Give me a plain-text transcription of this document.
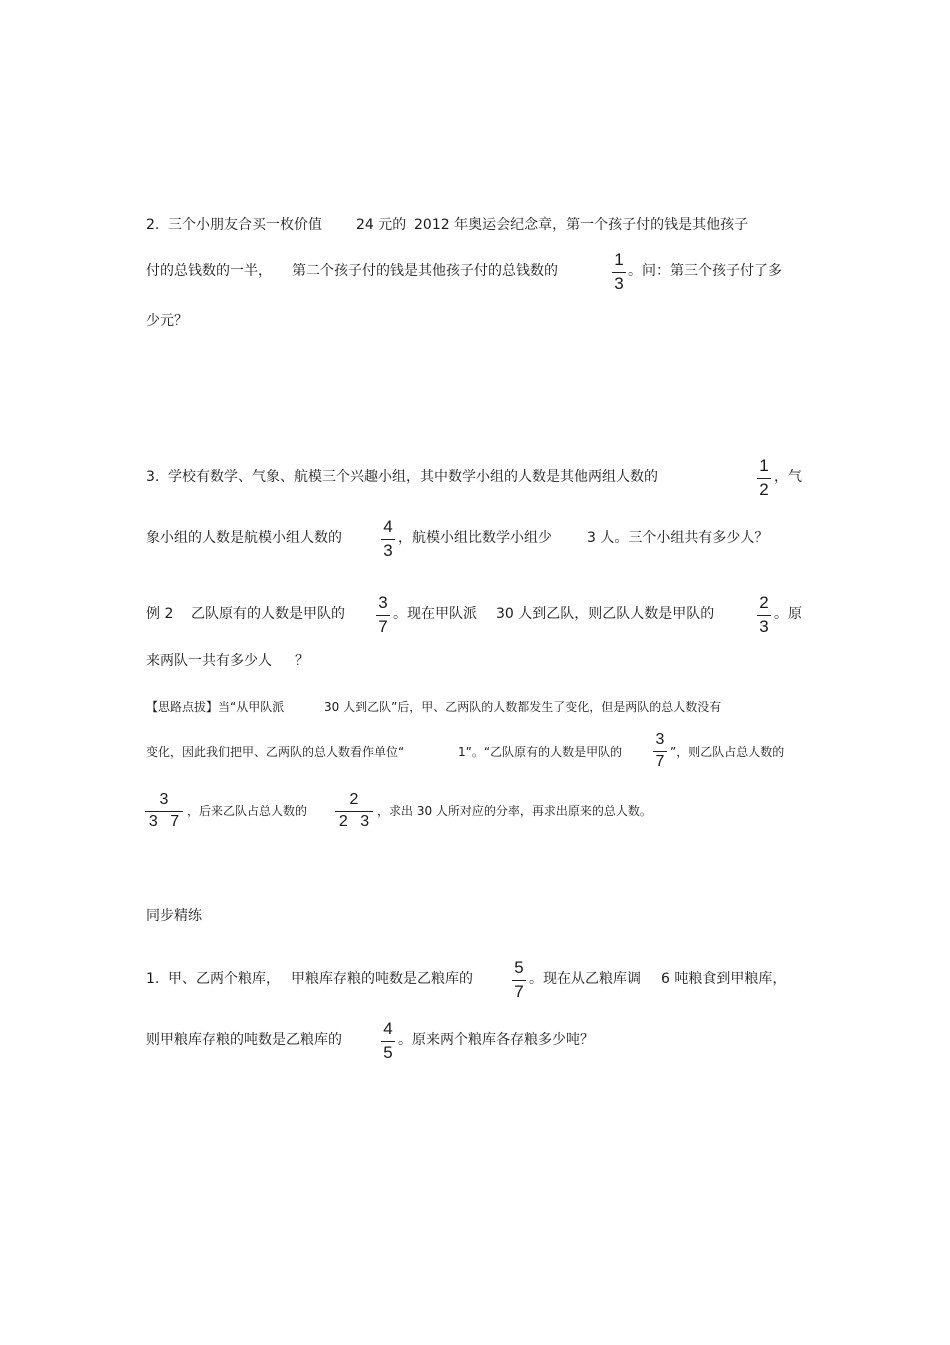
2. 三个小朋友合买一枚价值 24 元的 2012 年奥运会纪念章，第一个孩子付的钱是其他孩子
付的总钱数的一半， 第二个孩子付的钱是其他孩子付的总钱数的
1
3
。问：第三个孩子付了多
少元？
3. 学校有数学、气象、航模三个兴趣小组，其中数学小组的人数是其他两组人数的
1
2
，气
象小组的人数是航模小组人数的
4
3
，航模小组比数学小组少	3 人。三个小组共有多少人？
例 2 乙队原有的人数是甲队的
3
7
。现在甲队派 30 人到乙队，则乙队人数是甲队的
2
3
。原
来两队一共有多少人 ？
【思路点拔】当“从甲队派	30 人到乙队”后，甲、乙两队的人数都发生了变化，但是两队的总人数没有
变化，因此我们把甲、乙两队的总人数看作单位“	1”。“乙队原有的人数是甲队的
3
7
”，则乙队占总人数的
3
3 7
，后来乙队占总人数的
2
2 3
，求出 30 人所对应的分率，再求出原来的总人数。
同步精练
1. 甲、乙两个粮库， 甲粮库存粮的吨数是乙粮库的
5
7
。现在从乙粮库调 6 吨粮食到甲粮库，
则甲粮库存粮的吨数是乙粮库的
4
5
。原来两个粮库各存粮多少吨？
